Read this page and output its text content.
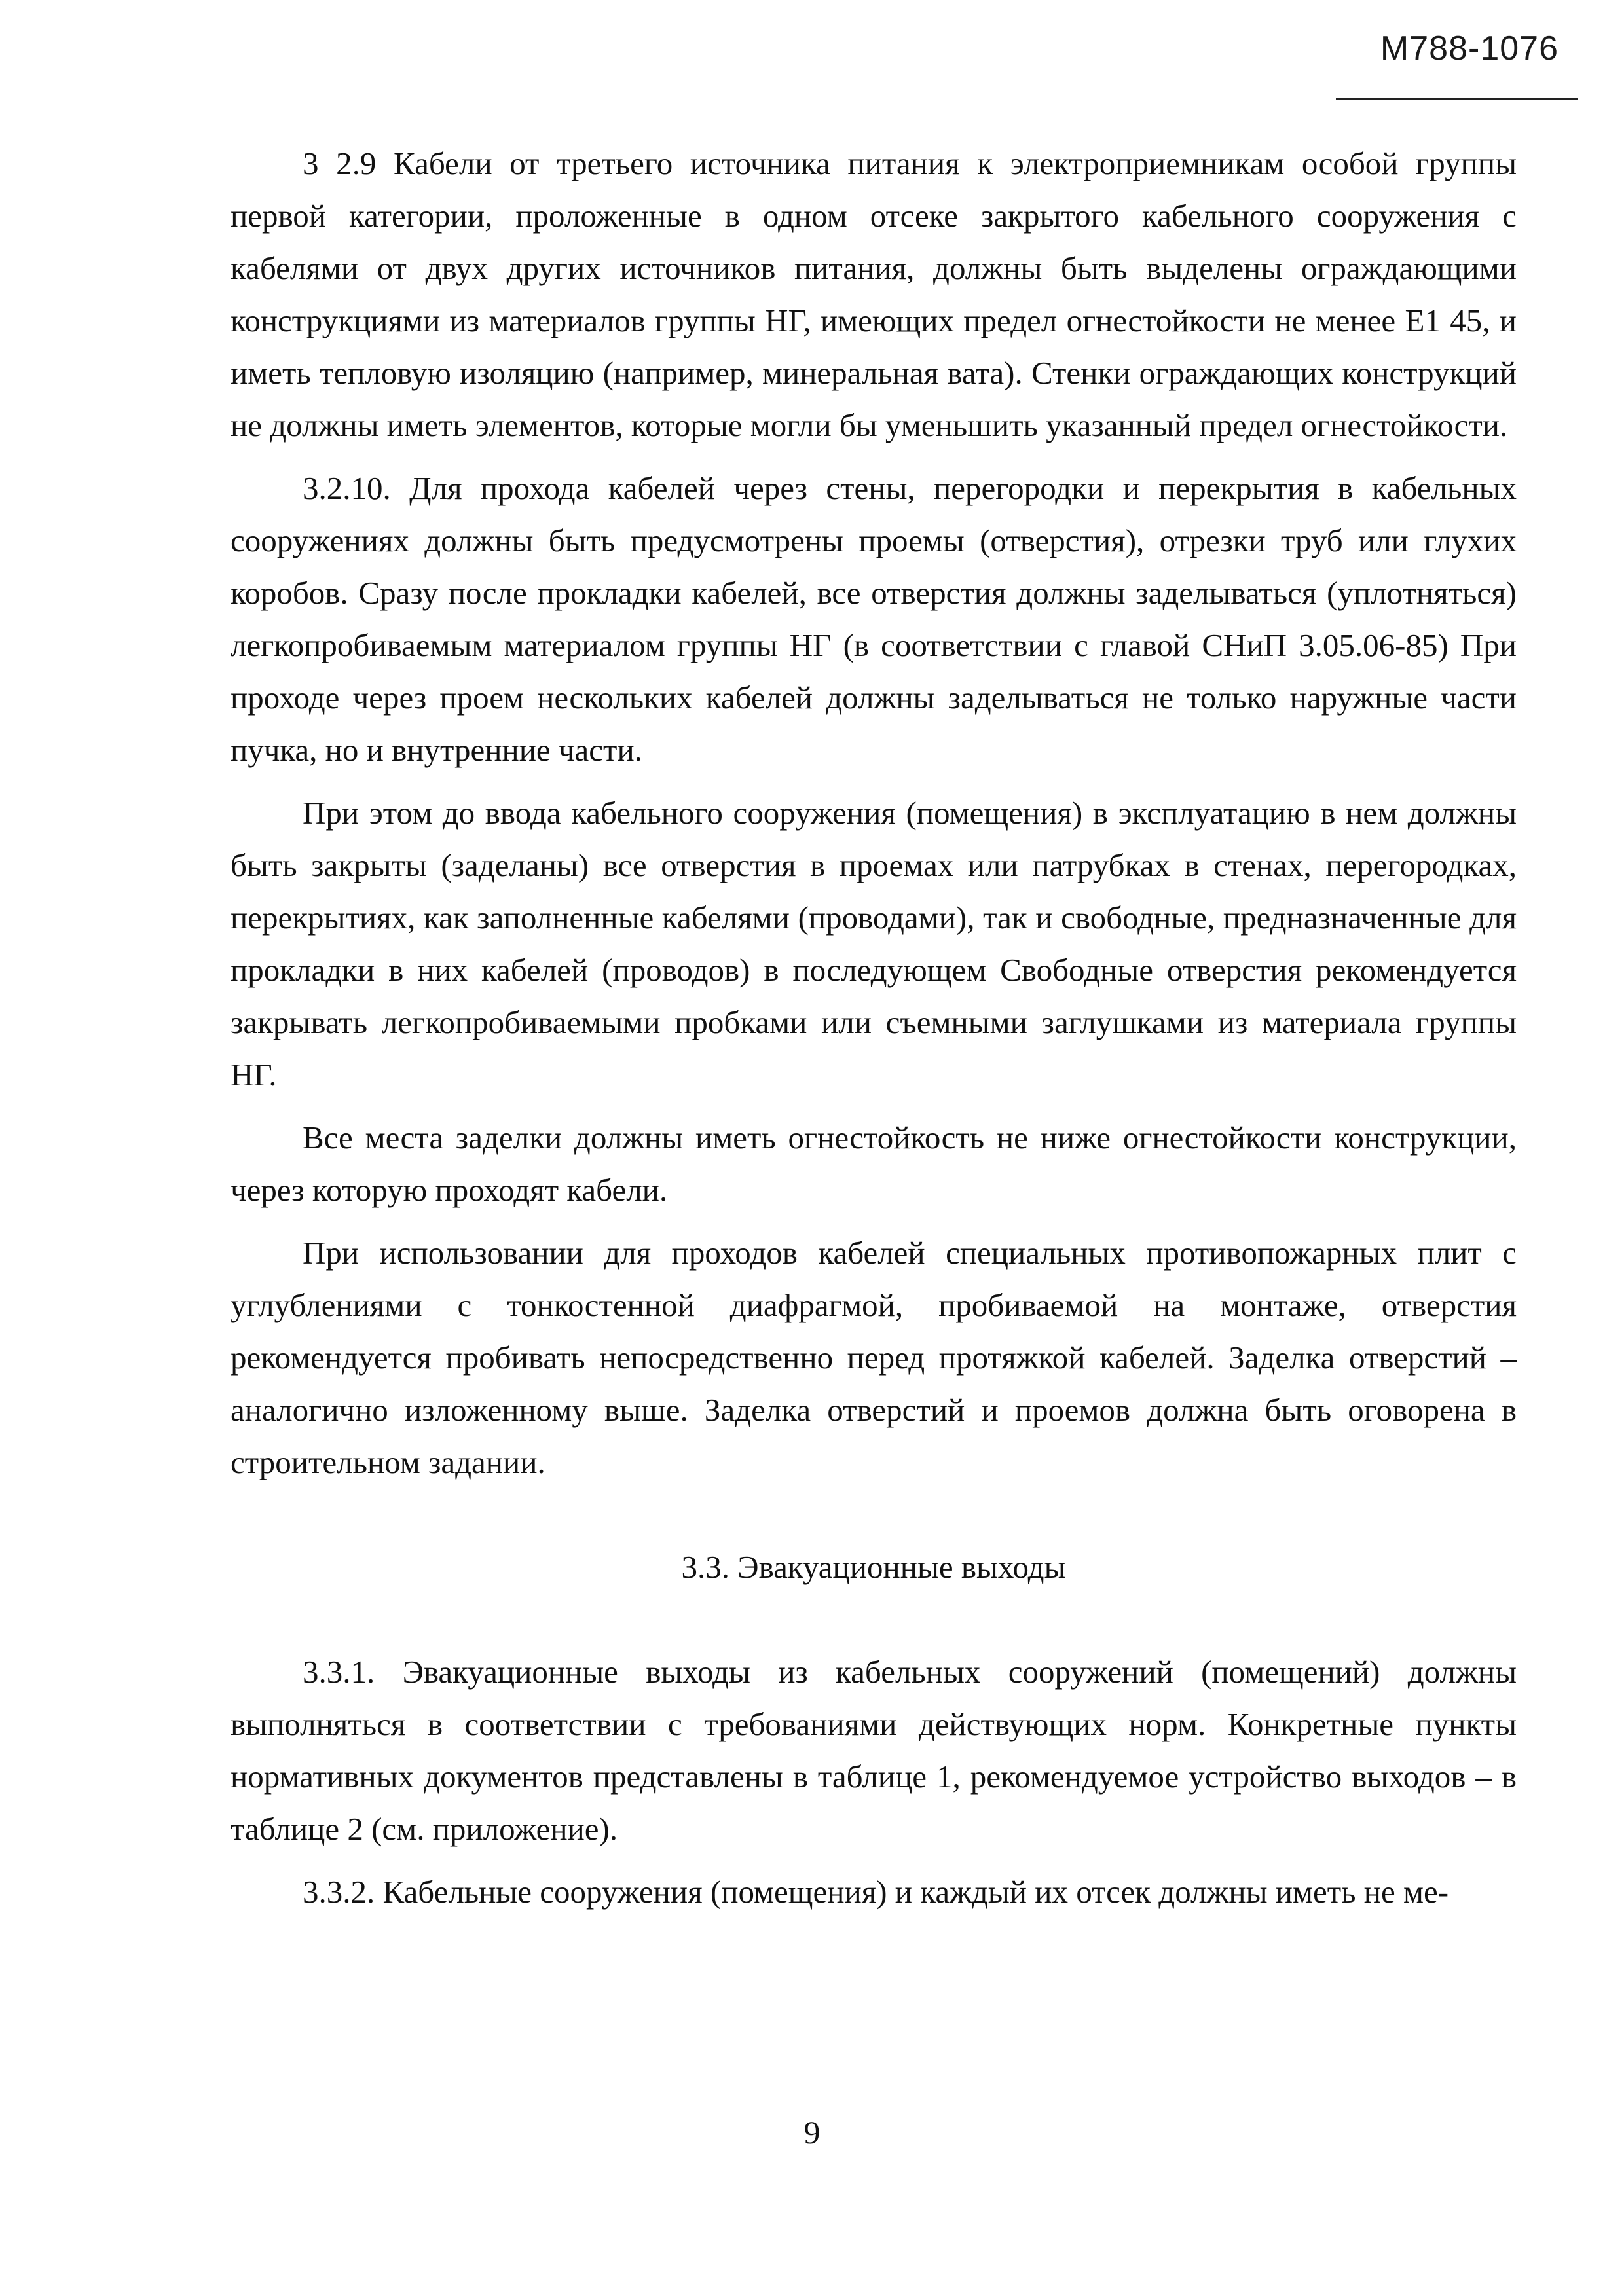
M788-1076

3 2.9 Кабели от третьего источника питания к электроприемникам особой группы первой категории, проложенные в одном отсеке закрытого кабельного сооружения с кабелями от двух других источников питания, должны быть выделены ограждающими конструкциями из материалов группы НГ, имеющих предел огнестойкости не менее Е1 45, и иметь тепловую изоляцию (например, минеральная вата). Стенки ограждающих конструкций не должны иметь элементов, которые могли бы уменьшить указанный предел огнестойкости.

3.2.10. Для прохода кабелей через стены, перегородки и перекрытия в кабельных сооружениях должны быть предусмотрены проемы (отверстия), отрезки труб или глухих коробов. Сразу после прокладки кабелей, все отверстия должны заделываться (уплотняться) легкопробиваемым материалом группы НГ (в соответствии с главой СНиП 3.05.06-85) При проходе через проем нескольких кабелей должны заделываться не только наружные части пучка, но и внутренние части.

При этом до ввода кабельного сооружения (помещения) в эксплуатацию в нем должны быть закрыты (заделаны) все отверстия в проемах или патрубках в стенах, перегородках, перекрытиях, как заполненные кабелями (проводами), так и свободные, предназначенные для прокладки в них кабелей (проводов) в последующем Свободные отверстия рекомендуется закрывать легкопробиваемыми пробками или съемными заглушками из материала группы НГ.

Все места заделки должны иметь огнестойкость не ниже огнестойкости конструкции, через которую проходят кабели.

При использовании для проходов кабелей специальных противопожарных плит с углублениями с тонкостенной диафрагмой, пробиваемой на монтаже, отверстия рекомендуется пробивать непосредственно перед протяжкой кабелей. Заделка отверстий – аналогично изложенному выше. Заделка отверстий и проемов должна быть оговорена в строительном задании.

3.3. Эвакуационные выходы

3.3.1. Эвакуационные выходы из кабельных сооружений (помещений) должны выполняться в соответствии с требованиями действующих норм. Конкретные пункты нормативных документов представлены в таблице 1, рекомендуемое устройство выходов – в таблице 2 (см. приложение).

3.3.2. Кабельные сооружения (помещения) и каждый их отсек должны иметь не ме-

9
